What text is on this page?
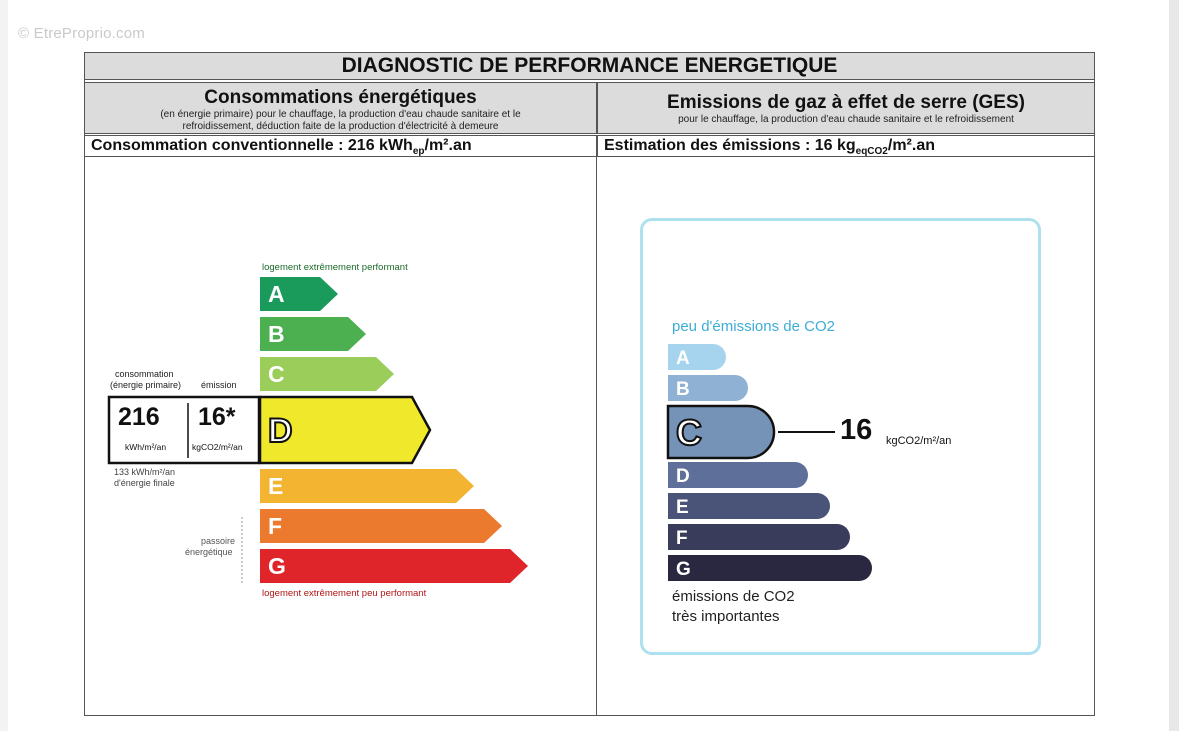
© EtreProprio.com
DIAGNOSTIC DE PERFORMANCE ENERGETIQUE
Consommations énergétiques
(en énergie primaire) pour le chauffage, la production d'eau chaude sanitaire et le
refroidissement, déduction faite de la production d'électricité à demeure
Emissions de gaz à effet de serre (GES)
pour le chauffage, la production d'eau chaude sanitaire et le refroidissement
Consommation conventionnelle : 216 kWh$_{ep}$/m².an	Estimation des émissions : 16 $kg_{eqCO2}/m^2.an$
logement extrêmement performant
A
B
C
D
E
F
G
logement extrêmement peu performant
consommation
(énergie primaire) émission
216 16*
kWh/m²/an	kgCO2/m²/an
133 kWh/m²/an
d'énergie finale
passoire
énergétique
peu d'émissions de CO2
A
B
C
D
E
F
G
16 kgCO2/m²/an
émissions de CO2
très importantes
